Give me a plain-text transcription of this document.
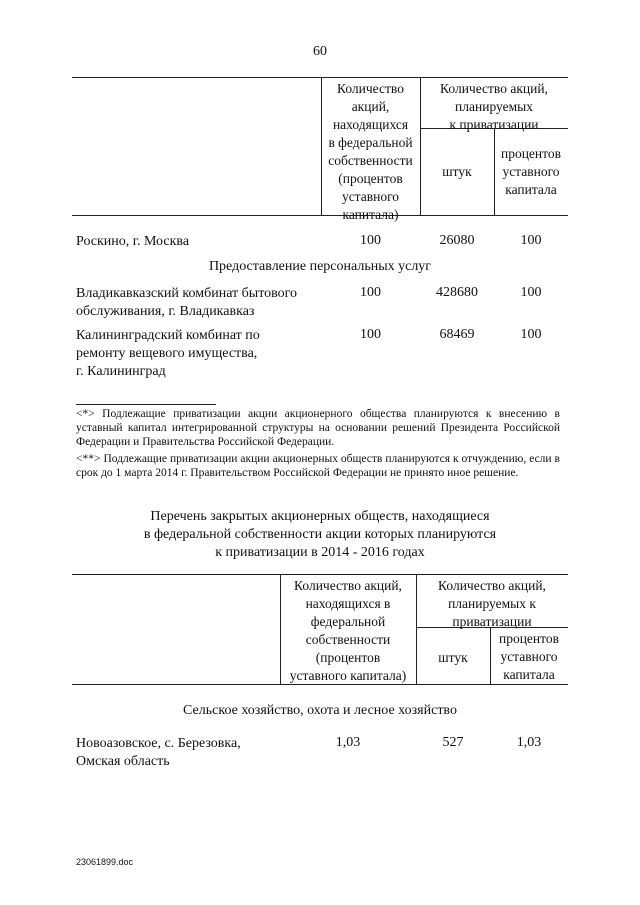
60
Количество
акций,
находящихся
в федеральной
собственности
(процентов
уставного
капитала)
Количество акций,
планируемых
к приватизации
штук
процентов
уставного
капитала
Роскино, г. Москва	100	26080	100
Предоставление персональных услуг
Владикавказский комбинат бытового
обслуживания, г. Владикавказ
100	428680	100
Калининградский комбинат по
ремонту вещевого имущества,
г. Калининград
100	68469	100
<*> Подлежащие приватизации акции акционерного общества планируются к внесению в уставный капитал интегрированной структуры на основании решений Президента Российской Федерации и Правительства Российской Федерации.
<**> Подлежащие приватизации акции акционерных обществ планируются к отчуждению, если в срок до 1 марта 2014 г. Правительством Российской Федерации не принято иное решение.
Перечень закрытых акционерных обществ, находящиеся
в федеральной собственности акции которых планируются
к приватизации в 2014 - 2016 годах
Количество акций,
находящихся в
федеральной
собственности
(процентов
уставного капитала)
Количество акций,
планируемых к
приватизации
штук
процентов
уставного
капитала
Сельское хозяйство, охота и лесное хозяйство
Новоазовское, с. Березовка,
Омская область
1,03	527	1,03
23061899.doc
